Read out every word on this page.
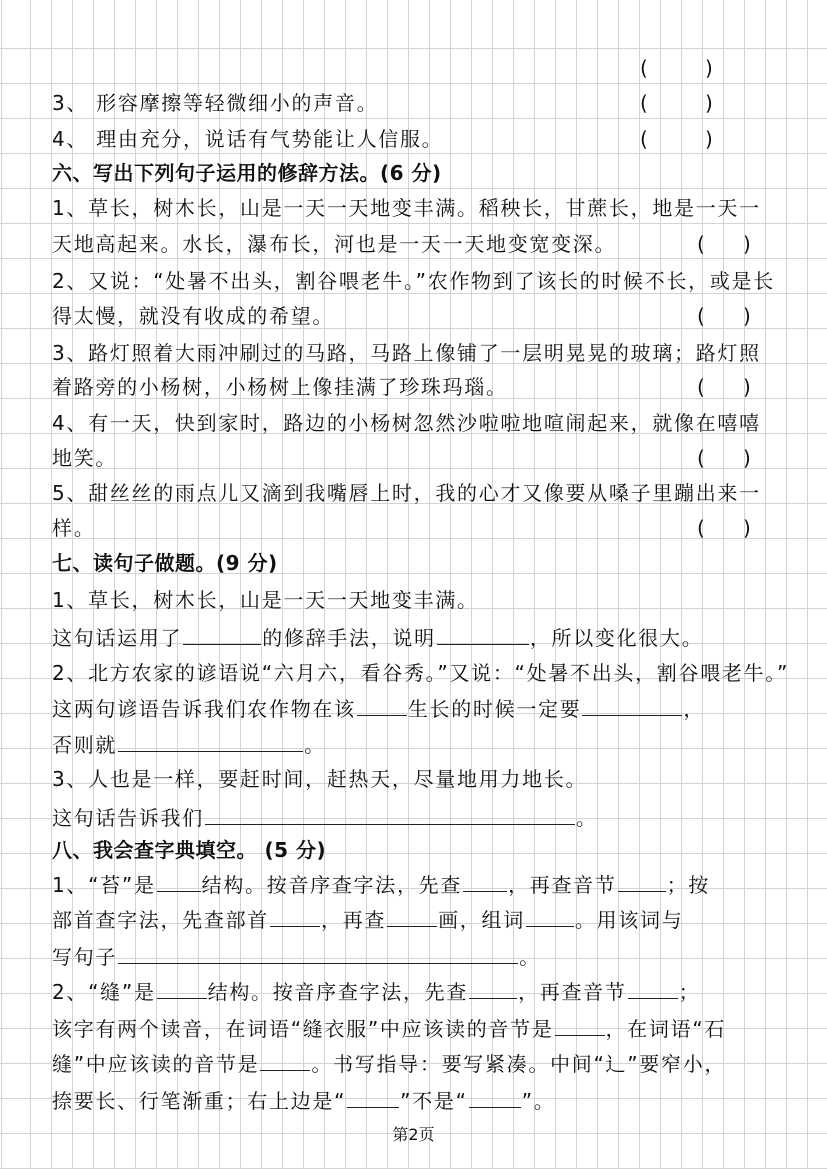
(         )
3、 形容摩擦等轻微细小的声音。	(         )
4、 理由充分，说话有气势能让人信服。	(         )
六、写出下列句子运用的修辞方法。(6 分)
1、草长，树木长，山是一天一天地变丰满。稻秧长，甘蔗长，地是一天一
天地高起来。水长，瀑布长，河也是一天一天地变宽变深。	(      )
2、又说：“处暑不出头，割谷喂老牛。”农作物到了该长的时候不长，或是长
得太慢，就没有收成的希望。	(      )
3、路灯照着大雨冲刷过的马路，马路上像铺了一层明晃晃的玻璃；路灯照
着路旁的小杨树，小杨树上像挂满了珍珠玛瑙。	(      )
4、有一天，快到家时，路边的小杨树忽然沙啦啦地喧闹起来，就像在嘻嘻
地笑。	(      )
5、甜丝丝的雨点儿又滴到我嘴唇上时，我的心才又像要从嗓子里蹦出来一
样。	(      )
七、读句子做题。(9 分)
1、草长，树木长，山是一天一天地变丰满。
这句话运用了	的修辞手法，说明	，所以变化很大。
2、北方农家的谚语说“六月六，看谷秀。”又说：“处暑不出头，割谷喂老牛。”
这两句谚语告诉我们农作物在该	生长的时候一定要	，
否则就	。
3、人也是一样，要赶时间，赶热天，尽量地用力地长。
这句话告诉我们	。
八、我会查字典填空。 (5 分)
1、“苔”是 结构。按音序查字法，先查 ，再查音节	；按
部首查字法，先查部首	，再查	画，组词	。用该词与
写句子	。
2、“缝”是	结构。按音序查字法，先查	，再查音节	；
该字有两个读音，在词语“缝衣服”中应该读的音节是	，在词语“石
缝”中应该读的音节是	。书写指导：要写紧凑。中间“辶”要窄小，
捺要长、行笔渐重；右上边是“	”不是“	”。
第2页
